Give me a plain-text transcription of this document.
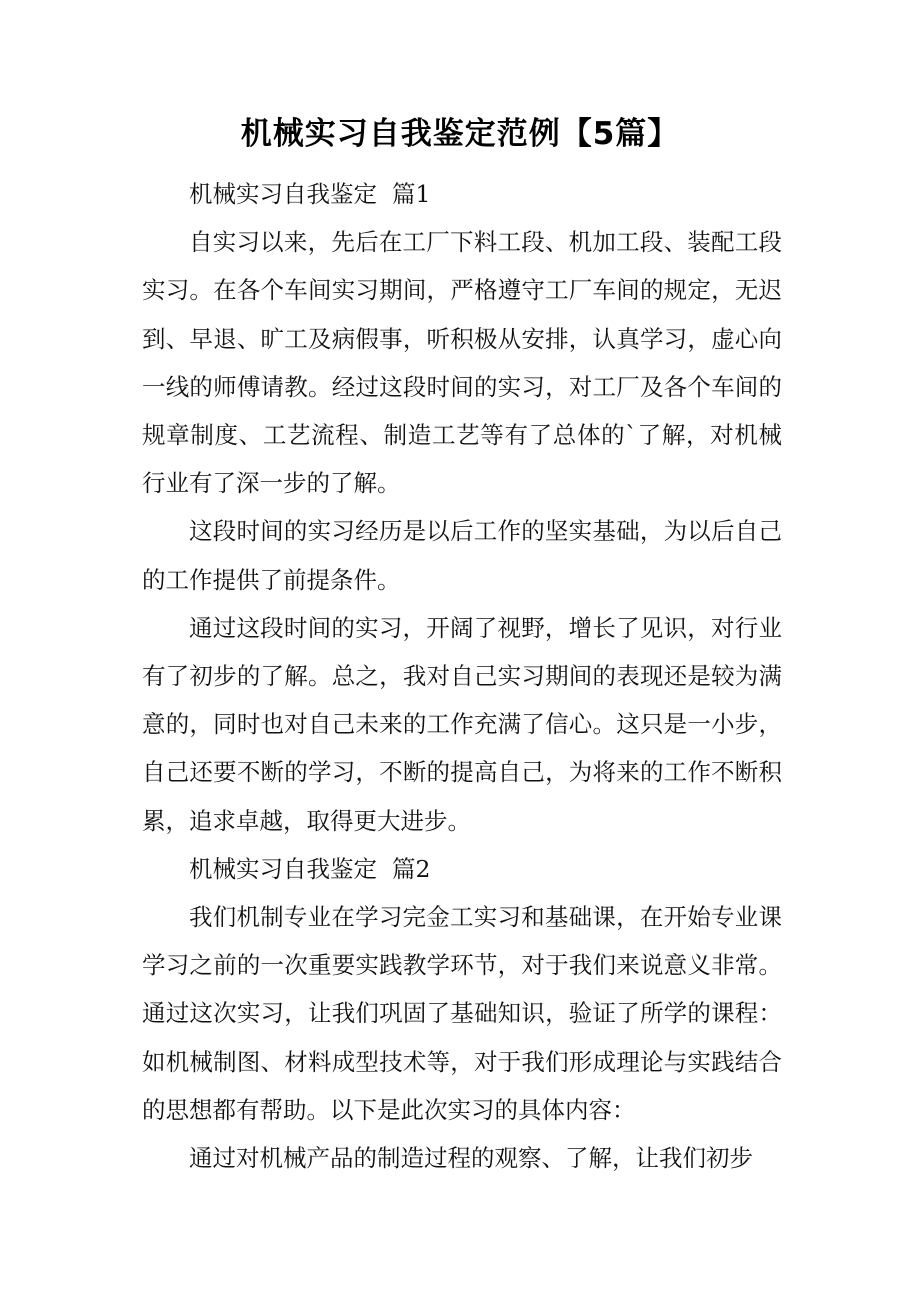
机械实习自我鉴定范例【5篇】

机械实习自我鉴定  篇1

自实习以来，先后在工厂下料工段、机加工段、装配工段实习。在各个车间实习期间，严格遵守工厂车间的规定，无迟到、早退、旷工及病假事，听积极从安排，认真学习，虚心向一线的师傅请教。经过这段时间的实习，对工厂及各个车间的规章制度、工艺流程、制造工艺等有了总体的`了解，对机械行业有了深一步的了解。

这段时间的实习经历是以后工作的坚实基础，为以后自己的工作提供了前提条件。

通过这段时间的实习，开阔了视野，增长了见识，对行业有了初步的了解。总之，我对自己实习期间的表现还是较为满意的，同时也对自己未来的工作充满了信心。这只是一小步，自己还要不断的学习，不断的提高自己，为将来的工作不断积累，追求卓越，取得更大进步。

机械实习自我鉴定  篇2

我们机制专业在学习完金工实习和基础课，在开始专业课学习之前的一次重要实践教学环节，对于我们来说意义非常。通过这次实习，让我们巩固了基础知识，验证了所学的课程：如机械制图、材料成型技术等，对于我们形成理论与实践结合的思想都有帮助。以下是此次实习的具体内容：

通过对机械产品的制造过程的观察、了解，让我们初步
